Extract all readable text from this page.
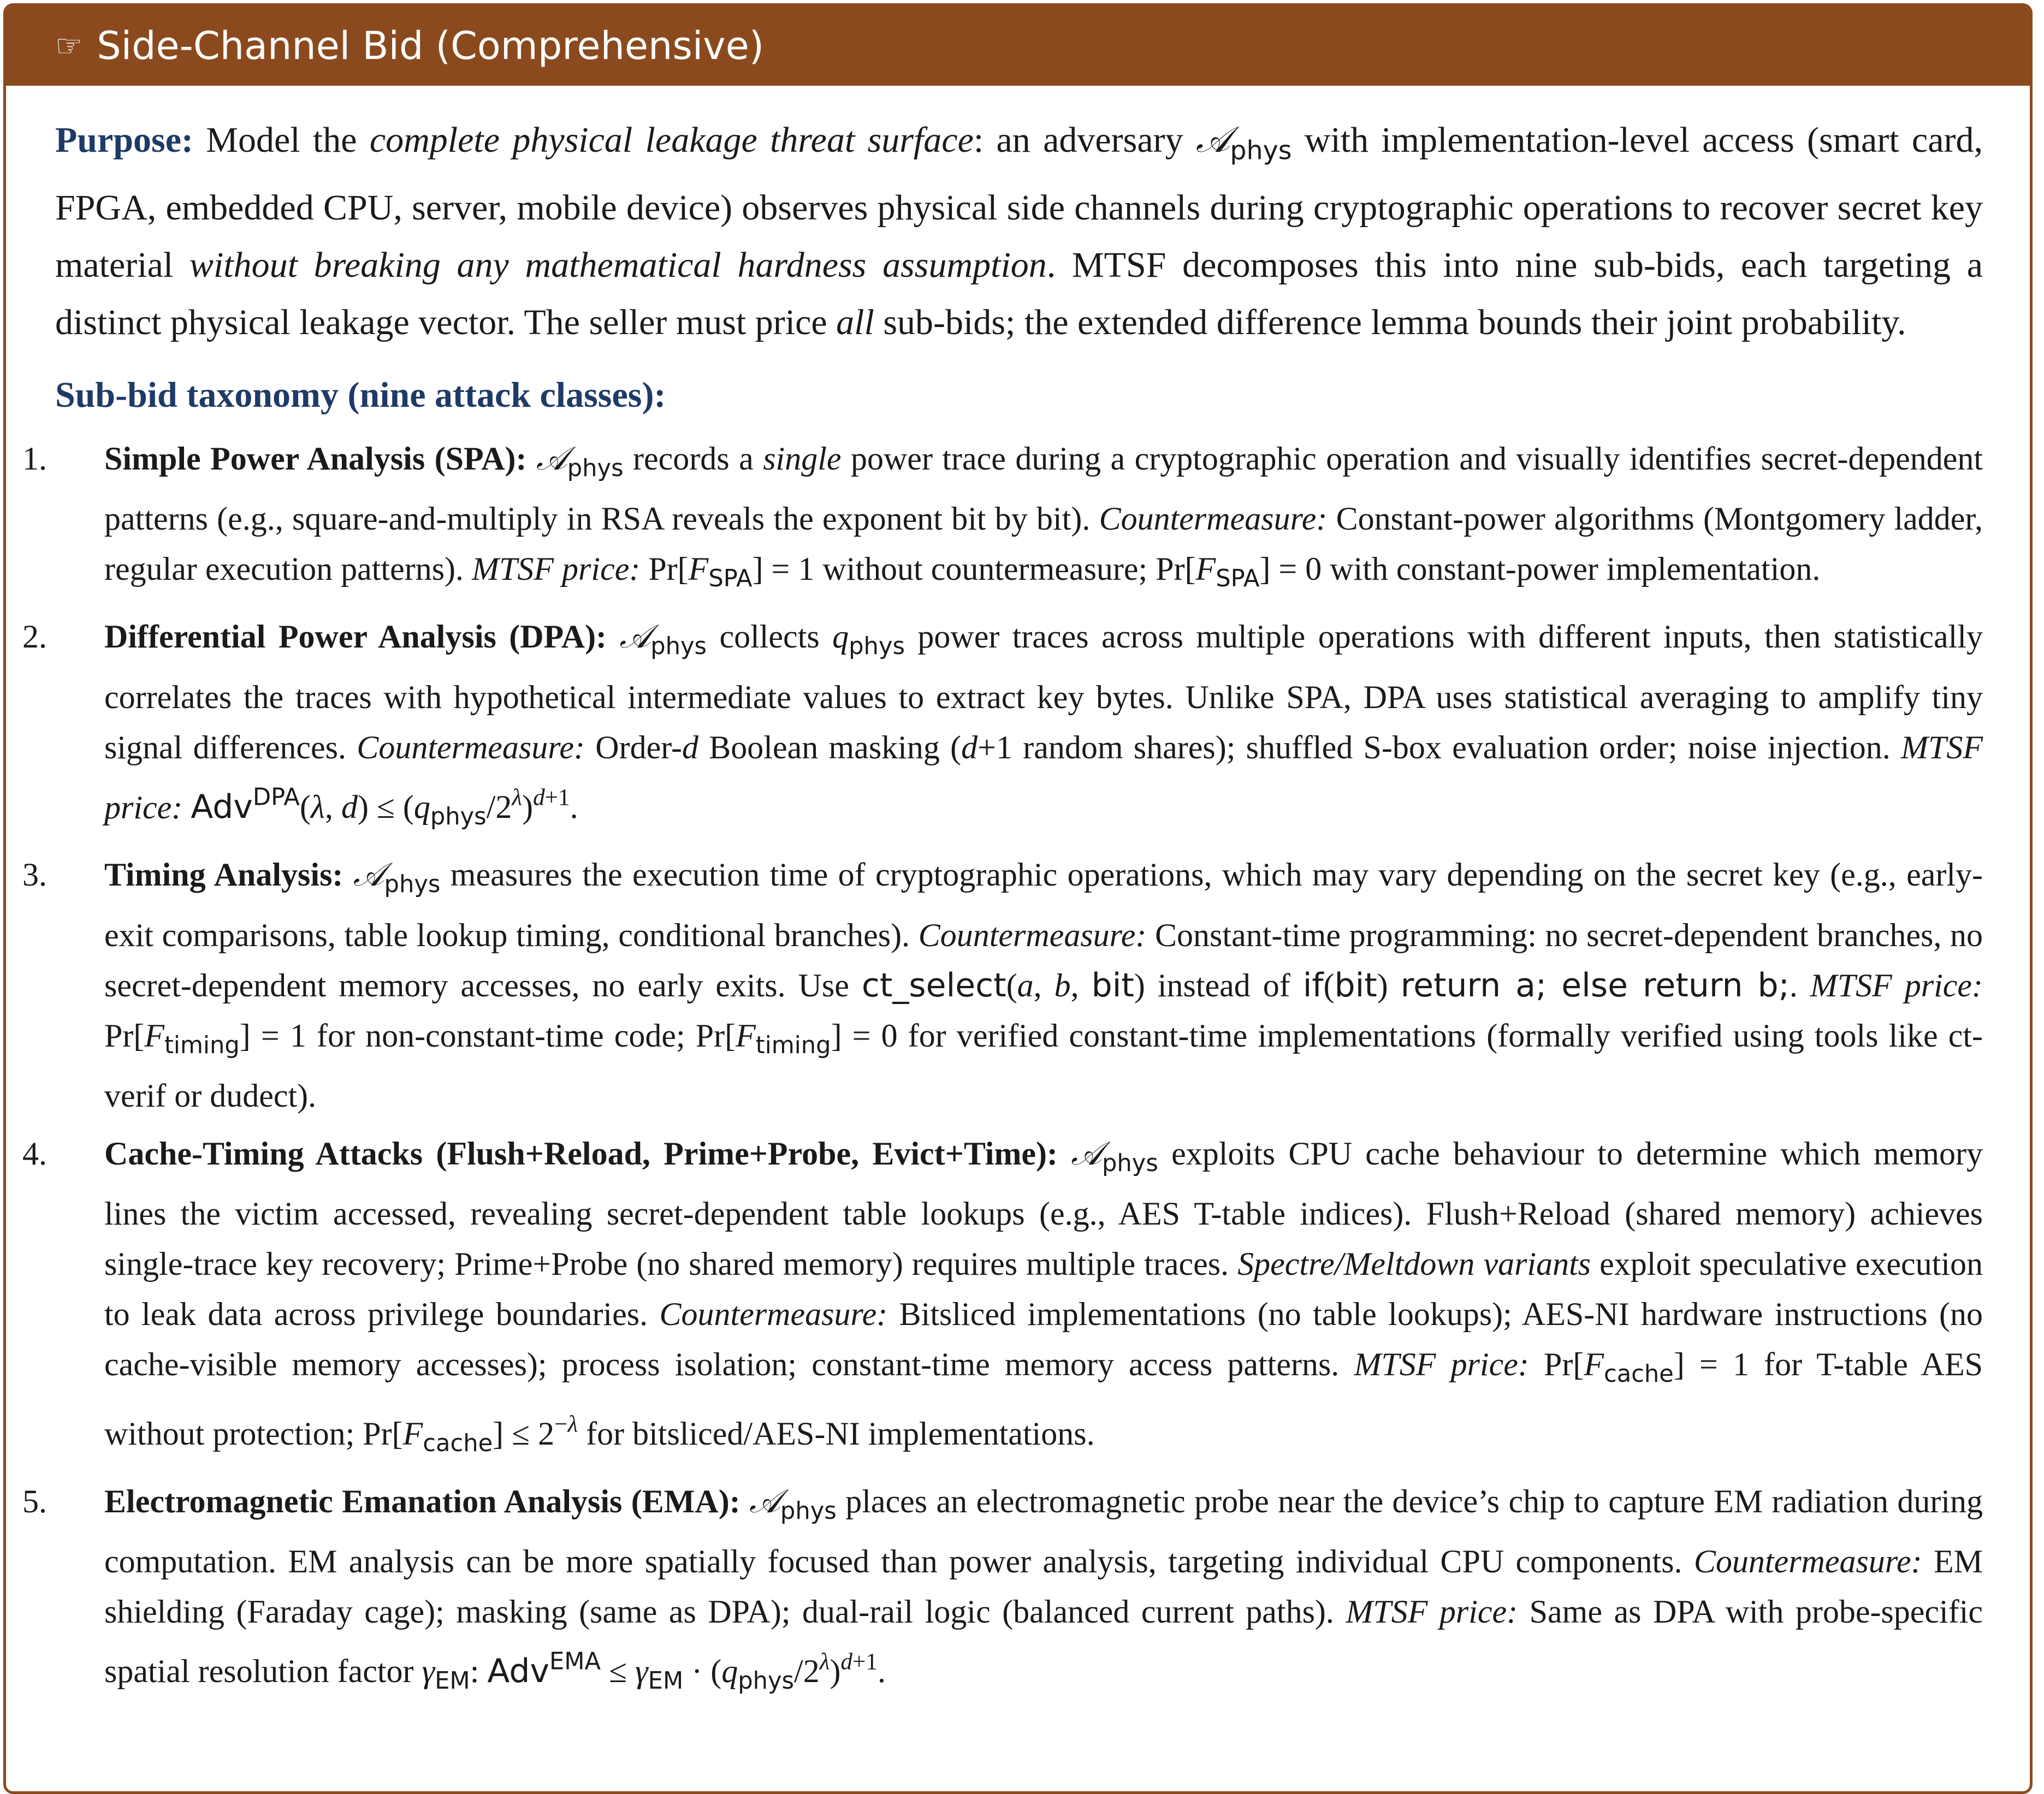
☞ Side-Channel Bid (Comprehensive)

Purpose: Model the complete physical leakage threat surface: an adversary 𝒜$_{phys}$ with implementation-level access (smart card, FPGA, embedded CPU, server, mobile device) observes physical side channels during cryptographic operations to recover secret key material without breaking any mathematical hardness assumption. MTSF decomposes this into nine sub-bids, each targeting a distinct physical leakage vector. The seller must price all sub-bids; the extended difference lemma bounds their joint probability.

Sub-bid taxonomy (nine attack classes):
1. Simple Power Analysis (SPA): 𝒜$_{phys}$ records a single power trace during a cryptographic operation and visually identifies secret-dependent patterns (e.g., square-and-multiply in RSA reveals the exponent bit by bit). Countermeasure: Constant-power algorithms (Montgomery ladder, regular execution patterns). MTSF price: $Pr[F_{SPA}] = 1$ without countermeasure; $Pr[F_{SPA}] = 0$ with constant-power implementation.
2. Differential Power Analysis (DPA): 𝒜$_{phys}$ collects $q_{phys}$ power traces across multiple operations with different inputs, then statistically correlates the traces with hypothetical intermediate values to extract key bytes. Unlike SPA, DPA uses statistical averaging to amplify tiny signal differences. Countermeasure: Order-d Boolean masking (d+1 random shares); shuffled S-box evaluation order; noise injection. MTSF price: Adv$^{DPA}$(λ, $d) \le (q_{phys}/2^\lambda)^{d+1}$.
3. Timing Analysis: 𝒜$_{phys}$ measures the execution time of cryptographic operations, which may vary depending on the secret key (e.g., early-exit comparisons, table lookup timing, conditional branches). Countermeasure: Constant-time programming: no secret-dependent branches, no secret-dependent memory accesses, no early exits. Use ct_select(a, b, bit) instead of if(bit) return a; else return b;. MTSF price: $Pr[F_{timing}] = 1$ for non-constant-time code; $Pr[F_{timing}] = 0$ for verified constant-time implementations (formally verified using tools like ct-verif or dudect).
4. Cache-Timing Attacks (Flush+Reload, Prime+Probe, Evict+Time): 𝒜$_{phys}$ exploits CPU cache behaviour to determine which memory lines the victim accessed, revealing secret-dependent table lookups (e.g., AES T-table indices). Flush+Reload (shared memory) achieves single-trace key recovery; Prime+Probe (no shared memory) requires multiple traces. Spectre/Meltdown variants exploit speculative execution to leak data across privilege boundaries. Countermeasure: Bitsliced implementations (no table lookups); AES-NI hardware instructions (no cache-visible memory accesses); process isolation; constant-time memory access patterns. MTSF price: $Pr[F_{cache}] = 1$ for T-table AES without protection; $Pr[F_{cache}] \le 2^{-\lambda}$ for bitsliced/AES-NI implementations.
5. Electromagnetic Emanation Analysis (EMA): 𝒜$_{phys}$ places an electromagnetic probe near the device’s chip to capture EM radiation during computation. EM analysis can be more spatially focused than power analysis, targeting individual CPU components. Countermeasure: EM shielding (Faraday cage); masking (same as DPA); dual-rail logic (balanced current paths). MTSF price: Same as DPA with probe-specific spatial resolution factor $\gamma_{EM}$: $Adv^{EMA} \le \gamma_{EM} \cdot (q_{phys}/2^\lambda)^{d+1}$.
